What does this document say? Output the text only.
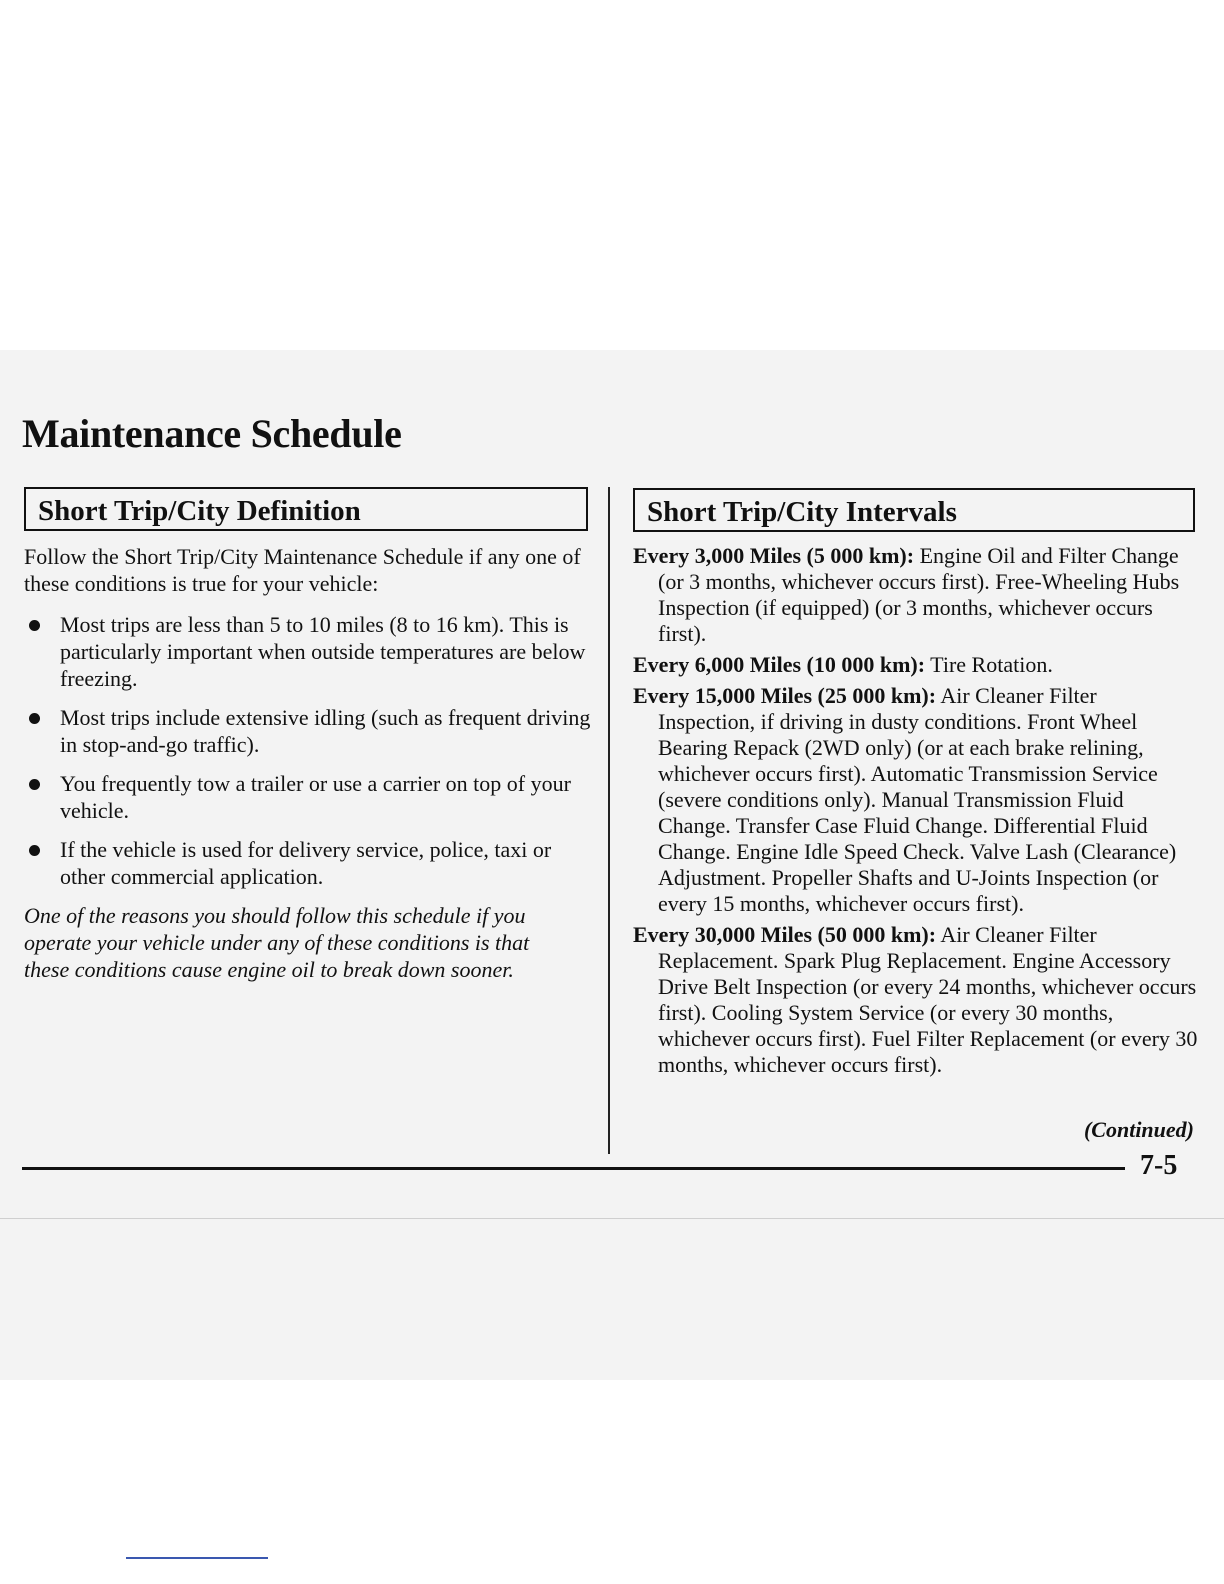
Maintenance Schedule
Short Trip/City Definition	Short Trip/City Intervals

Follow the Short Trip/City Maintenance Schedule if any one of these conditions is true for your vehicle:

Most trips are less than 5 to 10 miles (8 to 16 km). This is particularly important when outside temperatures are below freezing.
Most trips include extensive idling (such as frequent driving in stop-and-go traffic).
You frequently tow a trailer or use a carrier on top of your vehicle.
If the vehicle is used for delivery service, police, taxi or other commercial application.

One of the reasons you should follow this schedule if you operate your vehicle under any of these conditions is that these conditions cause engine oil to break down sooner.

Every 3,000 Miles (5 000 km): Engine Oil and Filter Change (or 3 months, whichever occurs first). Free-Wheeling Hubs Inspection (if equipped) (or 3 months, whichever occurs first).

Every 6,000 Miles (10 000 km): Tire Rotation.

Every 15,000 Miles (25 000 km): Air Cleaner Filter Inspection, if driving in dusty conditions. Front Wheel Bearing Repack (2WD only) (or at each brake relining, whichever occurs first). Automatic Transmission Service (severe conditions only). Manual Transmission Fluid Change. Transfer Case Fluid Change. Differential Fluid Change. Engine Idle Speed Check. Valve Lash (Clearance) Adjustment. Propeller Shafts and U-Joints Inspection (or every 15 months, whichever occurs first).

Every 30,000 Miles (50 000 km): Air Cleaner Filter Replacement. Spark Plug Replacement. Engine Accessory Drive Belt Inspection (or every 24 months, whichever occurs first). Cooling System Service (or every 30 months, whichever occurs first). Fuel Filter Replacement (or every 30 months, whichever occurs first).

(Continued)
7-5
